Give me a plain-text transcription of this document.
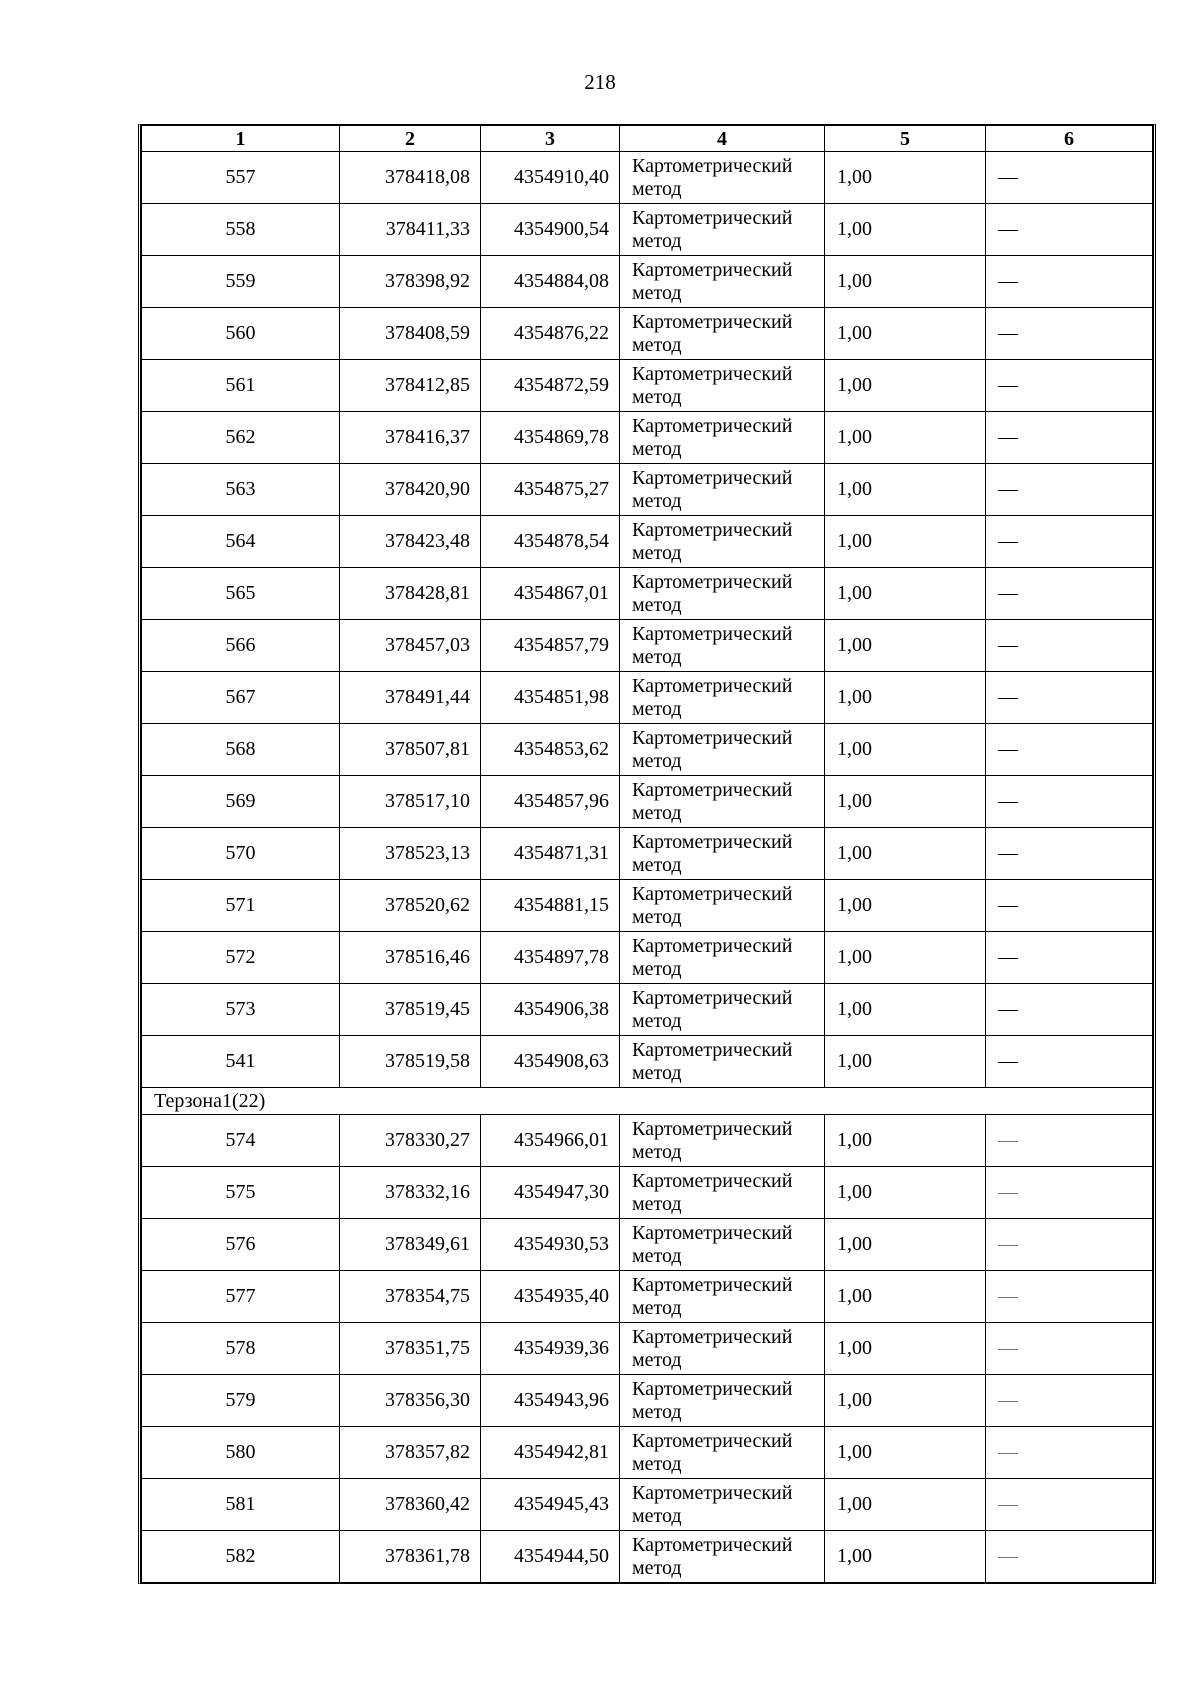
218
1	2	3	4	5	6
557	378418,08	4354910,40	Картометрический метод	1,00	—
558	378411,33	4354900,54	Картометрический метод	1,00	—
559	378398,92	4354884,08	Картометрический метод	1,00	—
560	378408,59	4354876,22	Картометрический метод	1,00	—
561	378412,85	4354872,59	Картометрический метод	1,00	—
562	378416,37	4354869,78	Картометрический метод	1,00	—
563	378420,90	4354875,27	Картометрический метод	1,00	—
564	378423,48	4354878,54	Картометрический метод	1,00	—
565	378428,81	4354867,01	Картометрический метод	1,00	—
566	378457,03	4354857,79	Картометрический метод	1,00	—
567	378491,44	4354851,98	Картометрический метод	1,00	—
568	378507,81	4354853,62	Картометрический метод	1,00	—
569	378517,10	4354857,96	Картометрический метод	1,00	—
570	378523,13	4354871,31	Картометрический метод	1,00	—
571	378520,62	4354881,15	Картометрический метод	1,00	—
572	378516,46	4354897,78	Картометрический метод	1,00	—
573	378519,45	4354906,38	Картометрический метод	1,00	—
541	378519,58	4354908,63	Картометрический метод	1,00	—
Терзона1(22)					
574	378330,27	4354966,01	Картометрический метод	1,00	—
575	378332,16	4354947,30	Картометрический метод	1,00	—
576	378349,61	4354930,53	Картометрический метод	1,00	—
577	378354,75	4354935,40	Картометрический метод	1,00	—
578	378351,75	4354939,36	Картометрический метод	1,00	—
579	378356,30	4354943,96	Картометрический метод	1,00	—
580	378357,82	4354942,81	Картометрический метод	1,00	—
581	378360,42	4354945,43	Картометрический метод	1,00	—
582	378361,78	4354944,50	Картометрический метод	1,00	—
